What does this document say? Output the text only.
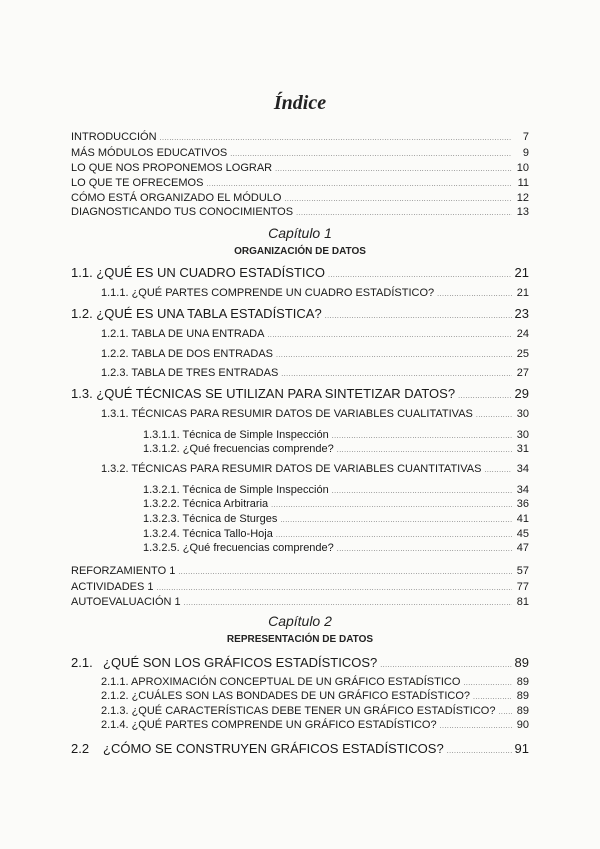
Índice
INTRODUCCIÓN .....	7
MÁS MÓDULOS EDUCATIVOS .....	9
LO QUE NOS PROPONEMOS LOGRAR .....	10
LO QUE TE OFRECEMOS .....	11
CÓMO ESTÁ ORGANIZADO EL MÓDULO .....	12
DIAGNOSTICANDO TUS CONOCIMIENTOS .....	13
Capítulo 1
ORGANIZACIÓN DE DATOS
1.1. ¿QUÉ ES UN CUADRO ESTADÍSTICO .....	21
1.1.1. ¿QUÉ PARTES COMPRENDE UN CUADRO ESTADÍSTICO? .....	21
1.2. ¿QUÉ ES UNA TABLA ESTADÍSTICA? .....	23
1.2.1. TABLA DE UNA ENTRADA .....	24
1.2.2. TABLA DE DOS ENTRADAS .....	25
1.2.3. TABLA DE TRES ENTRADAS .....	27
1.3. ¿QUÉ TÉCNICAS SE UTILIZAN PARA SINTETIZAR DATOS? .....	29
1.3.1. TÉCNICAS PARA RESUMIR DATOS DE VARIABLES CUALITATIVAS .....	30
1.3.1.1. Técnica de Simple Inspección .....	30
1.3.1.2. ¿Qué frecuencias comprende? .....	31
1.3.2. TÉCNICAS PARA RESUMIR DATOS DE VARIABLES CUANTITATIVAS .....	34
1.3.2.1. Técnica de Simple Inspección .....	34
1.3.2.2. Técnica Arbitraria .....	36
1.3.2.3. Técnica de Sturges .....	41
1.3.2.4. Técnica Tallo-Hoja .....	45
1.3.2.5. ¿Qué frecuencias comprende? .....	47
REFORZAMIENTO 1 .....	57
ACTIVIDADES 1 .....	77
AUTOEVALUACIÓN 1 .....	81
Capítulo 2
REPRESENTACIÓN DE DATOS
2.1. ¿QUÉ SON LOS GRÁFICOS ESTADÍSTICOS? .....	89
2.1.1. APROXIMACIÓN CONCEPTUAL DE UN GRÁFICO ESTADÍSTICO .....	89
2.1.2. ¿CUÁLES SON LAS BONDADES DE UN GRÁFICO ESTADÍSTICO? .....	89
2.1.3. ¿QUÉ CARACTERÍSTICAS DEBE TENER UN GRÁFICO ESTADÍSTICO? ..... 89
2.1.4. ¿QUÉ PARTES COMPRENDE UN GRÁFICO ESTADÍSTICO? .....	90
2.2	¿CÓMO SE CONSTRUYEN GRÁFICOS ESTADÍSTICOS? .....	91
